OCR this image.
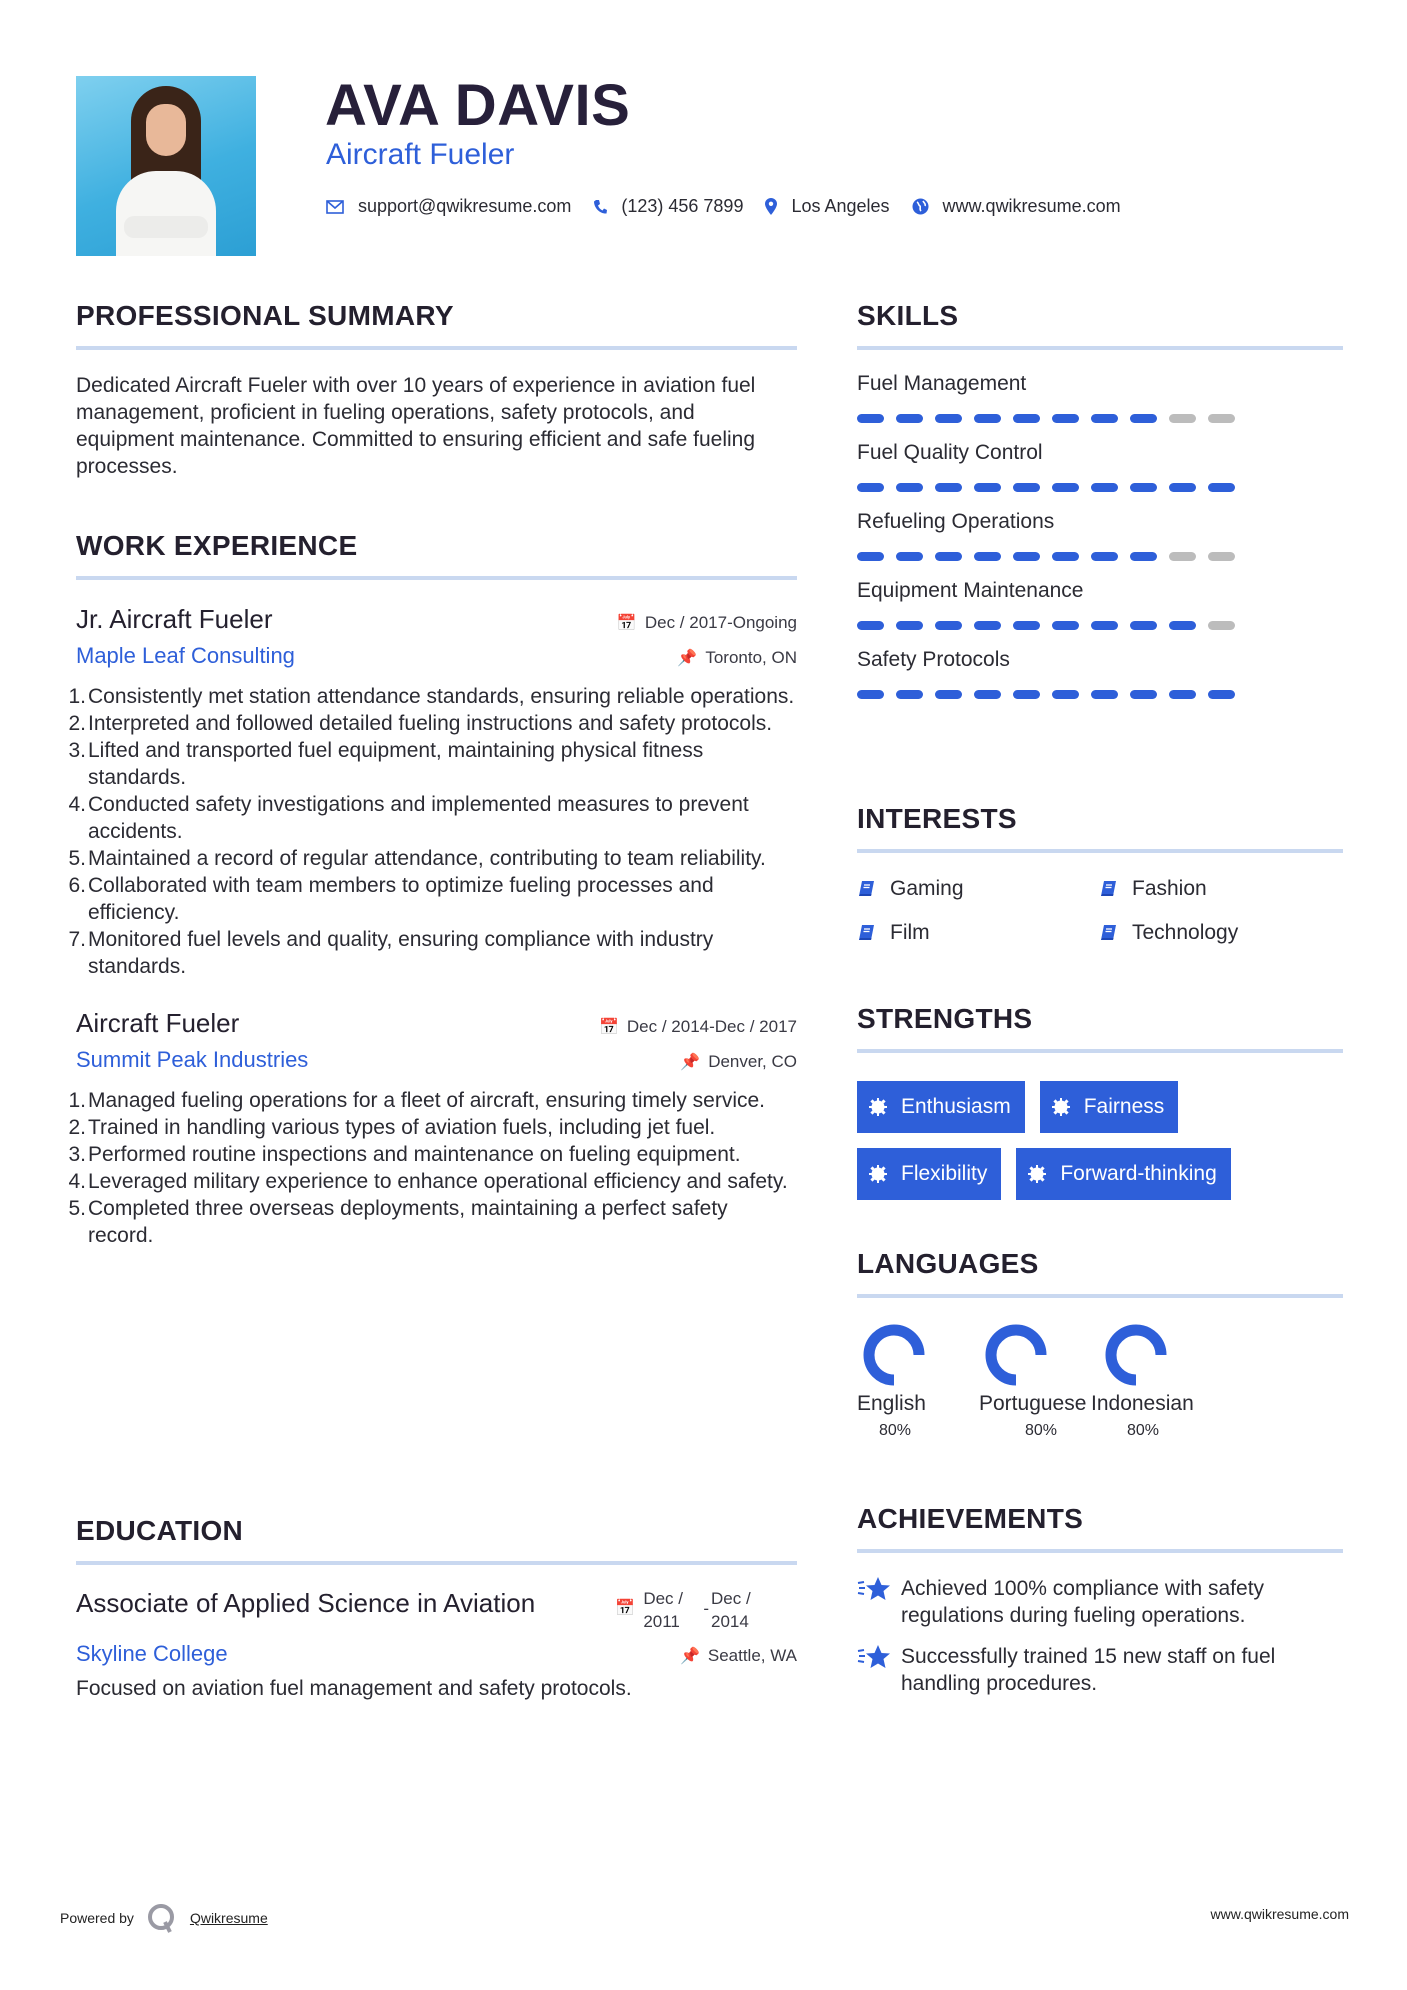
AVA DAVIS
Aircraft Fueler
support@qwikresume.com	(123) 456 7899	Los Angeles	www.qwikresume.com
PROFESSIONAL SUMMARY
Dedicated Aircraft Fueler with over 10 years of experience in aviation fuel management, proficient in fueling operations, safety protocols, and equipment maintenance. Committed to ensuring efficient and safe fueling processes.
WORK EXPERIENCE
Jr. Aircraft Fueler	📅 Dec / 2017-Ongoing
Maple Leaf Consulting	📌 Toronto, ON
1. Consistently met station attendance standards, ensuring reliable operations.
2. Interpreted and followed detailed fueling instructions and safety protocols.
3. Lifted and transported fuel equipment, maintaining physical fitness standards.
4. Conducted safety investigations and implemented measures to prevent accidents.
5. Maintained a record of regular attendance, contributing to team reliability.
6. Collaborated with team members to optimize fueling processes and efficiency.
7. Monitored fuel levels and quality, ensuring compliance with industry standards.
Aircraft Fueler	📅 Dec / 2014-Dec / 2017
Summit Peak Industries	📌 Denver, CO
1. Managed fueling operations for a fleet of aircraft, ensuring timely service.
2. Trained in handling various types of aviation fuels, including jet fuel.
3. Performed routine inspections and maintenance on fueling equipment.
4. Leveraged military experience to enhance operational efficiency and safety.
5. Completed three overseas deployments, maintaining a perfect safety record.
EDUCATION
Associate of Applied Science in Aviation	📅
Dec / 2011
-
Dec / 2014
Skyline College	📌 Seattle, WA
Focused on aviation fuel management and safety protocols.
SKILLS
Fuel Management
Fuel Quality Control
Refueling Operations
Equipment Maintenance
Safety Protocols
INTERESTS
Gaming	Fashion
Film	Technology
STRENGTHS
Enthusiasm	Fairness
Flexibility	Forward-thinking
LANGUAGES
English
80%
Portuguese
80%
Indonesian
80%
ACHIEVEMENTS
Achieved 100% compliance with safety regulations during fueling operations.
Successfully trained 15 new staff on fuel handling procedures.
Powered by	Qwikresume	www.qwikresume.com
